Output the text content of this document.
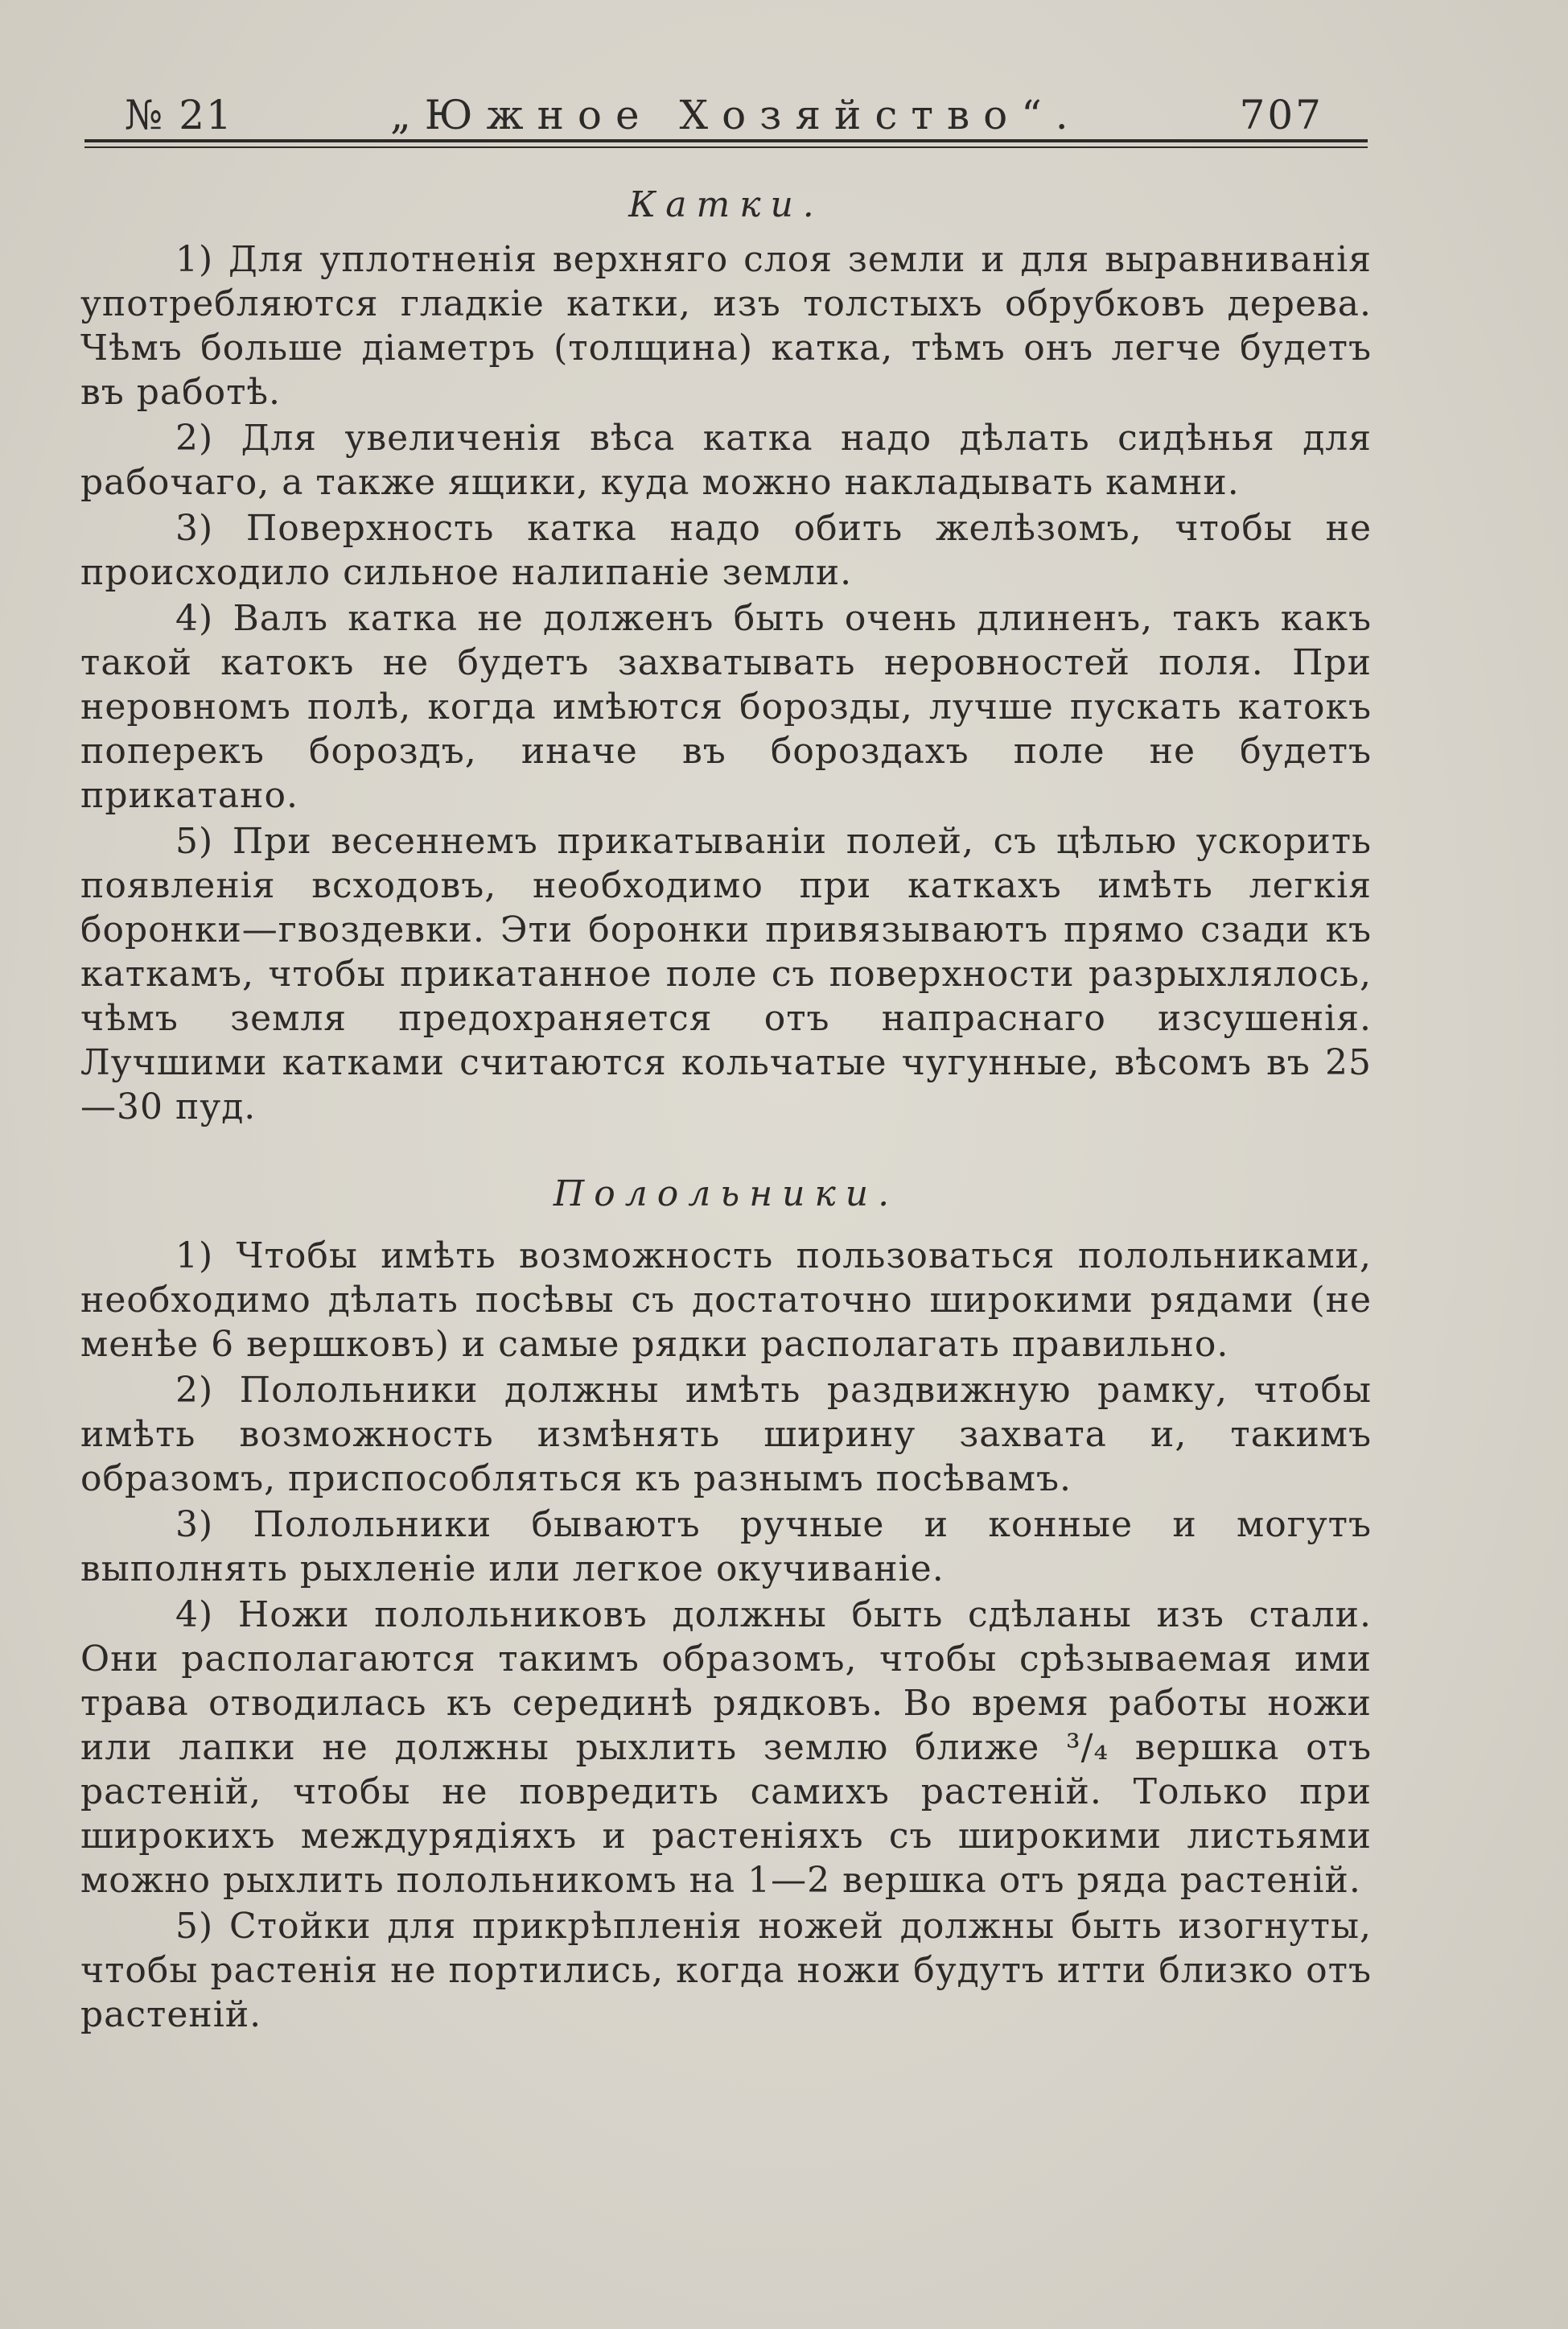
№ 21	„Южное Хозяйство“.	707
Катки.

1) Для уплотненія верхняго слоя земли и для выравниванія употребляются гладкіе катки, изъ толстыхъ обрубковъ дерева. Чѣмъ больше діаметръ (толщина) катка, тѣмъ онъ легче будетъ въ работѣ.

2) Для увеличенія вѣса катка надо дѣлать сидѣнья для рабочаго, а также ящики, куда можно накладывать камни.

3) Поверхность катка надо обить желѣзомъ, чтобы не происходило сильное налипаніе земли.

4) Валъ катка не долженъ быть очень длиненъ, такъ какъ такой катокъ не будетъ захватывать неровностей поля. При неровномъ полѣ, когда имѣются борозды, лучше пускать катокъ поперекъ бороздъ, иначе въ бороздахъ поле не будетъ прикатано.

5) При весеннемъ прикатываніи полей, съ цѣлью ускорить появленія всходовъ, необходимо при каткахъ имѣть легкія боронки—гвоздевки. Эти боронки привязываютъ прямо сзади къ каткамъ, чтобы прикатанное поле съ поверхности разрыхлялось, чѣмъ земля предохраняется отъ напраснаго изсушенія. Лучшими катками считаются кольчатые чугунные, вѣсомъ въ 25—30 пуд.

Полольники.

1) Чтобы имѣть возможность пользоваться полольниками, необходимо дѣлать посѣвы съ достаточно широкими рядами (не менѣе 6 вершковъ) и самые рядки располагать правильно.

2) Полольники должны имѣть раздвижную рамку, чтобы имѣть возможность измѣнять ширину захвата и, такимъ образомъ, приспособляться къ разнымъ посѣвамъ.

3) Полольники бываютъ ручные и конные и могутъ выполнять рыхленіе или легкое окучиваніе.

4) Ножи полольниковъ должны быть сдѣланы изъ стали. Они располагаются такимъ образомъ, чтобы срѣзываемая ими трава отводилась къ серединѣ рядковъ. Во время работы ножи или лапки не должны рыхлить землю ближе ³/₄ вершка отъ растеній, чтобы не повредить самихъ растеній. Только при широкихъ междурядіяхъ и растеніяхъ съ широкими листьями можно рыхлить полольникомъ на 1—2 вершка отъ ряда растеній.

5) Стойки для прикрѣпленія ножей должны быть изогнуты, чтобы растенія не портились, когда ножи будутъ итти близко отъ растеній.
